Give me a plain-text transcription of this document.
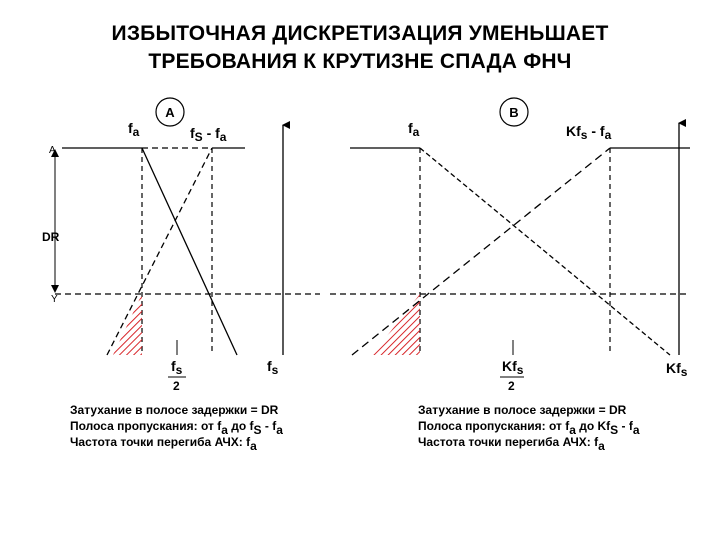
ИЗБЫТОЧНАЯ ДИСКРЕТИЗАЦИЯ УМЕНЬШАЕТ
ТРЕБОВАНИЯ К КРУТИЗНЕ СПАДА ФНЧ
A
A
DR
Y
fa	fS - fa
fs
2
fs
B
fa	Kfs - fa
Kfs
2
Kfs
Затухание в полосе задержки = DR
Полоса пропускания: от fa до fS - fa
Частота точки перегиба АЧХ: fa
Затухание в полосе задержки = DR
Полоса пропускания: от fa до KfS - fa
Частота точки перегиба АЧХ: fa
